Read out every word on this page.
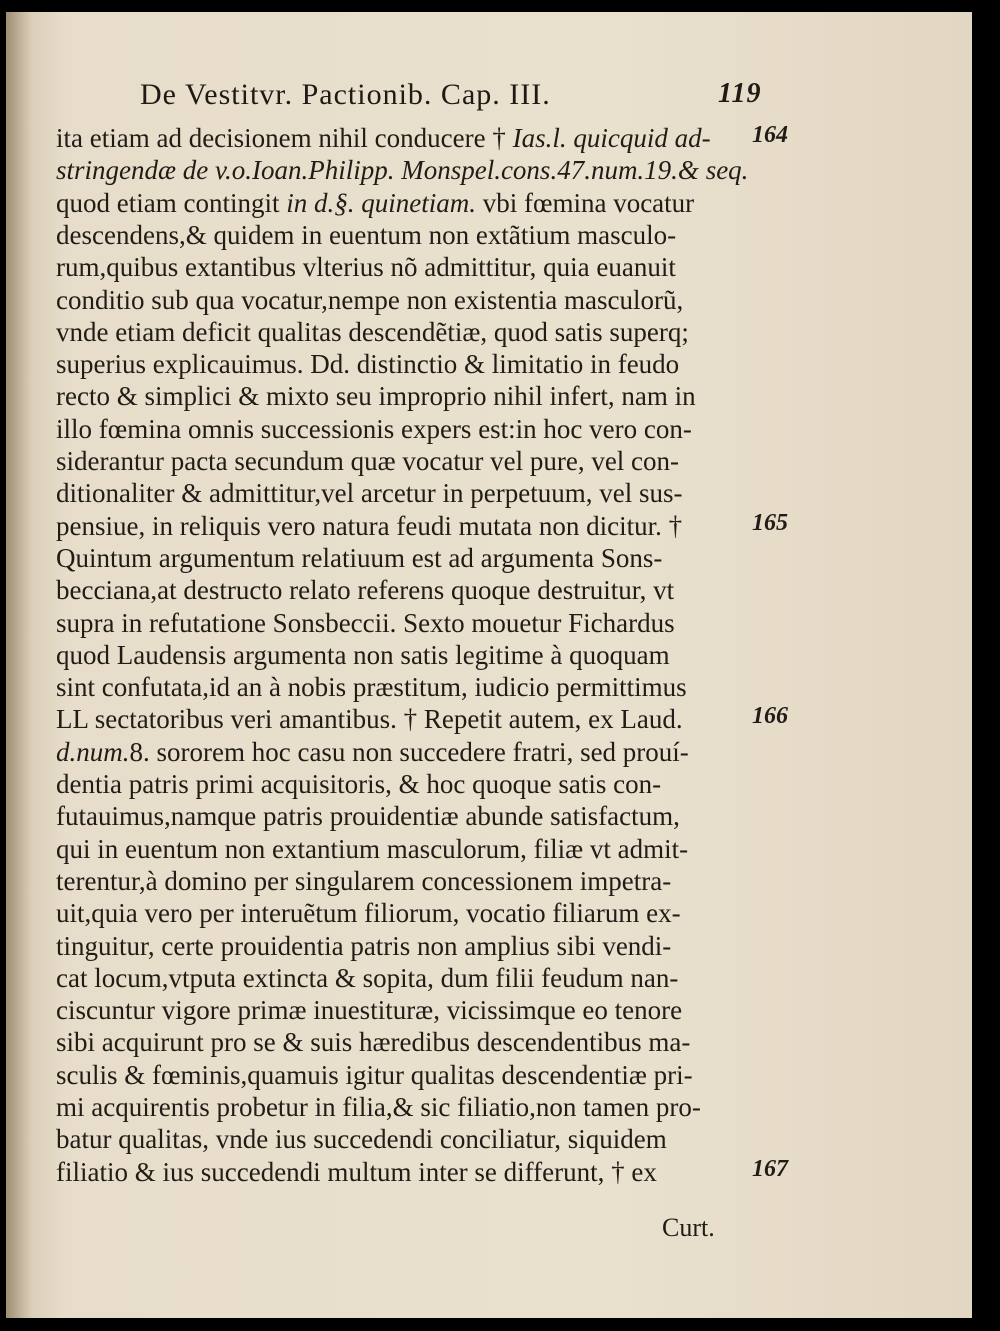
De Vestitvr. Pactionib. Cap. III.	119
ita etiam ad decisionem nihil conducere † Ias.l. quicquid ad-
stringendæ de v.o.Ioan.Philipp. Monspel.cons.47.num.19.& seq.
quod etiam contingit in d.§. quinetiam. vbi fœmina vocatur
descendens,& quidem in euentum non extãtium masculo-
rum,quibus extantibus vlterius nõ admittitur, quia euanuit
conditio sub qua vocatur,nempe non existentia masculorũ,
vnde etiam deficit qualitas descendẽtiæ, quod satis superq;
superius explicauimus. Dd. distinctio & limitatio in feudo
recto & simplici & mixto seu improprio nihil infert, nam in
illo fœmina omnis successionis expers est:in hoc vero con-
siderantur pacta secundum quæ vocatur vel pure, vel con-
ditionaliter & admittitur,vel arcetur in perpetuum, vel sus-
pensiue, in reliquis vero natura feudi mutata non dicitur. †
Quintum argumentum relatiuum est ad argumenta Sons-
becciana,at destructo relato referens quoque destruitur, vt
supra in refutatione Sonsbeccii. Sexto mouetur Fichardus
quod Laudensis argumenta non satis legitime à quoquam
sint confutata,id an à nobis præstitum, iudicio permittimus
LL sectatoribus veri amantibus. † Repetit autem, ex Laud.
d.num.8. sororem hoc casu non succedere fratri, sed prouí-
dentia patris primi acquisitoris, & hoc quoque satis con-
futauimus,namque patris prouidentiæ abunde satisfactum,
qui in euentum non extantium masculorum, filiæ vt admit-
terentur,à domino per singularem concessionem impetra-
uit,quia vero per interuẽtum filiorum, vocatio filiarum ex-
tinguitur, certe prouidentia patris non amplius sibi vendi-
cat locum,vtputa extincta & sopita, dum filii feudum nan-
ciscuntur vigore primæ inuestituræ, vicissimque eo tenore
sibi acquirunt pro se & suis hæredibus descendentibus ma-
sculis & fœminis,quamuis igitur qualitas descendentiæ pri-
mi acquirentis probetur in filia,& sic filiatio,non tamen pro-
batur qualitas, vnde ius succedendi conciliatur, siquidem
filiatio & ius succedendi multum inter se differunt, † ex
164
165
166
167
Curt.
